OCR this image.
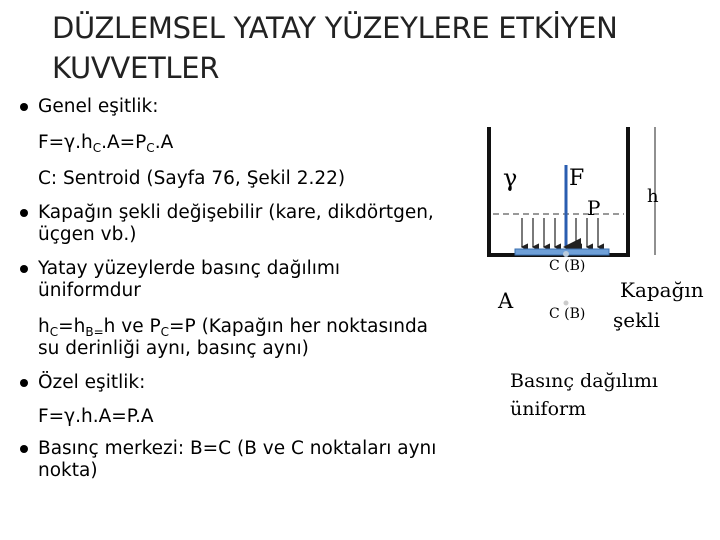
DÜZLEMSEL YATAY YÜZEYLERE ETKİYEN
KUVVETLER
Genel eşitlik:
$F=\gamma.h_C.A=P_C.A$
C: Sentroid (Sayfa 76, Şekil 2.22)
Kapağın şekli değişebilir (kare, dikdörtgen,
üçgen vb.)
Yatay yüzeylerde basınç dağılımı
üniformdur
$h_C=h_{B=}h$ ve $P_C=P$ (Kapağın her noktasında
su derinliği aynı, basınç aynı)
Özel eşitlik:
F=γ.h.A=P.A
Basınç merkezi: B=C (B ve C noktaları aynı
nokta)
γ F
P	h
C (B)
A
C (B)
Kapağın
şekli
Basınç dağılımı
üniform
